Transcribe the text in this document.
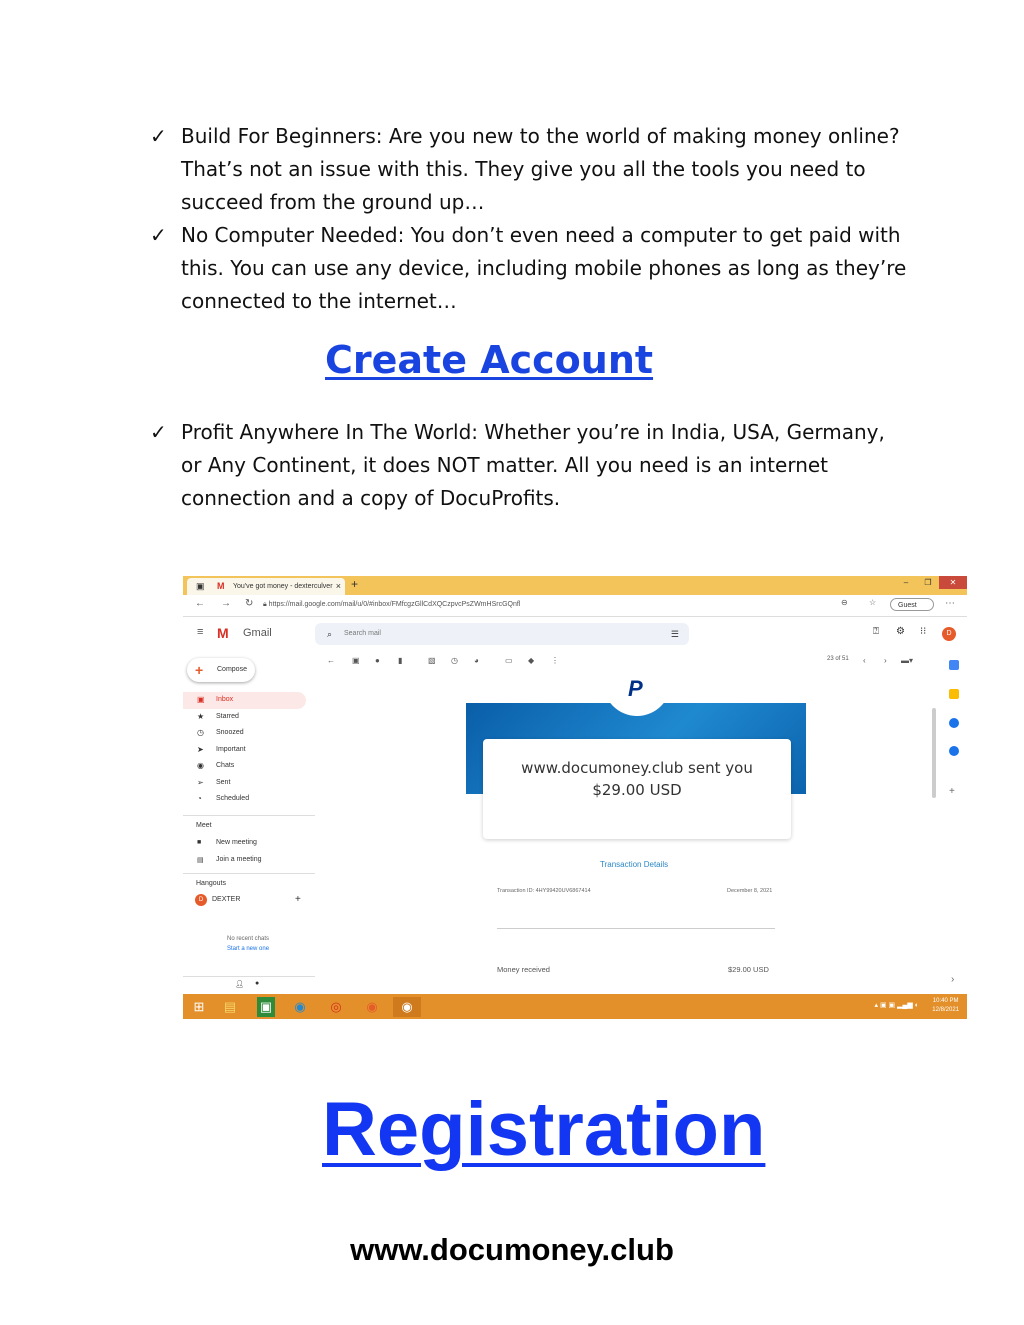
✓ Build For Beginners: Are you new to the world of making money online? That’s not an issue with this. They give you all the tools you need to succeed from the ground up…
✓ No Computer Needed: You don’t even need a computer to get paid with this. You can use any device, including mobile phones as long as they’re connected to the internet…
Create Account
✓ Profit Anywhere In The World: Whether you’re in India, USA, Germany, or Any Continent, it does NOT matter. All you need is an internet connection and a copy of DocuProfits.
▣ M You've got money - dexterculver × +	– ❐ ✕
← → ↻ 🔒︎ https://mail.google.com/mail/u/0/#inbox/FMfcgzGllCdXQCzpvcPsZWmHSrcGQnfl	⊖	☆	Guest	⋯
≡ M Gmail	⌕ Search mail	☰	⍰ ⚙ ⁝⁝	D
+ Compose
▣ Inbox
★ Starred
◷ Snoozed
➤ Important
◉ Chats
➢ Sent
◔ Scheduled
Meet
■ New meeting
▤ Join a meeting
Hangouts
D	DEXTER	+
No recent chats
Start a new one
👤︎ ●
← ▣ ● ▮	▧ ◷ ◕	▭ ◆ ⋮	23 of 51 ‹ › ▬▾
P
www.documoney.club sent you
$29.00 USD
Transaction Details
Transaction ID: 4HY99420UV6867414	December 8, 2021
Money received	$29.00 USD
+
›
⊞	▤	▣	◉	◎	◉	◉	▴ ▣ ▣ ▂▄▆ ◐
10:40 PM
12/8/2021
Registration
www.documoney.club
